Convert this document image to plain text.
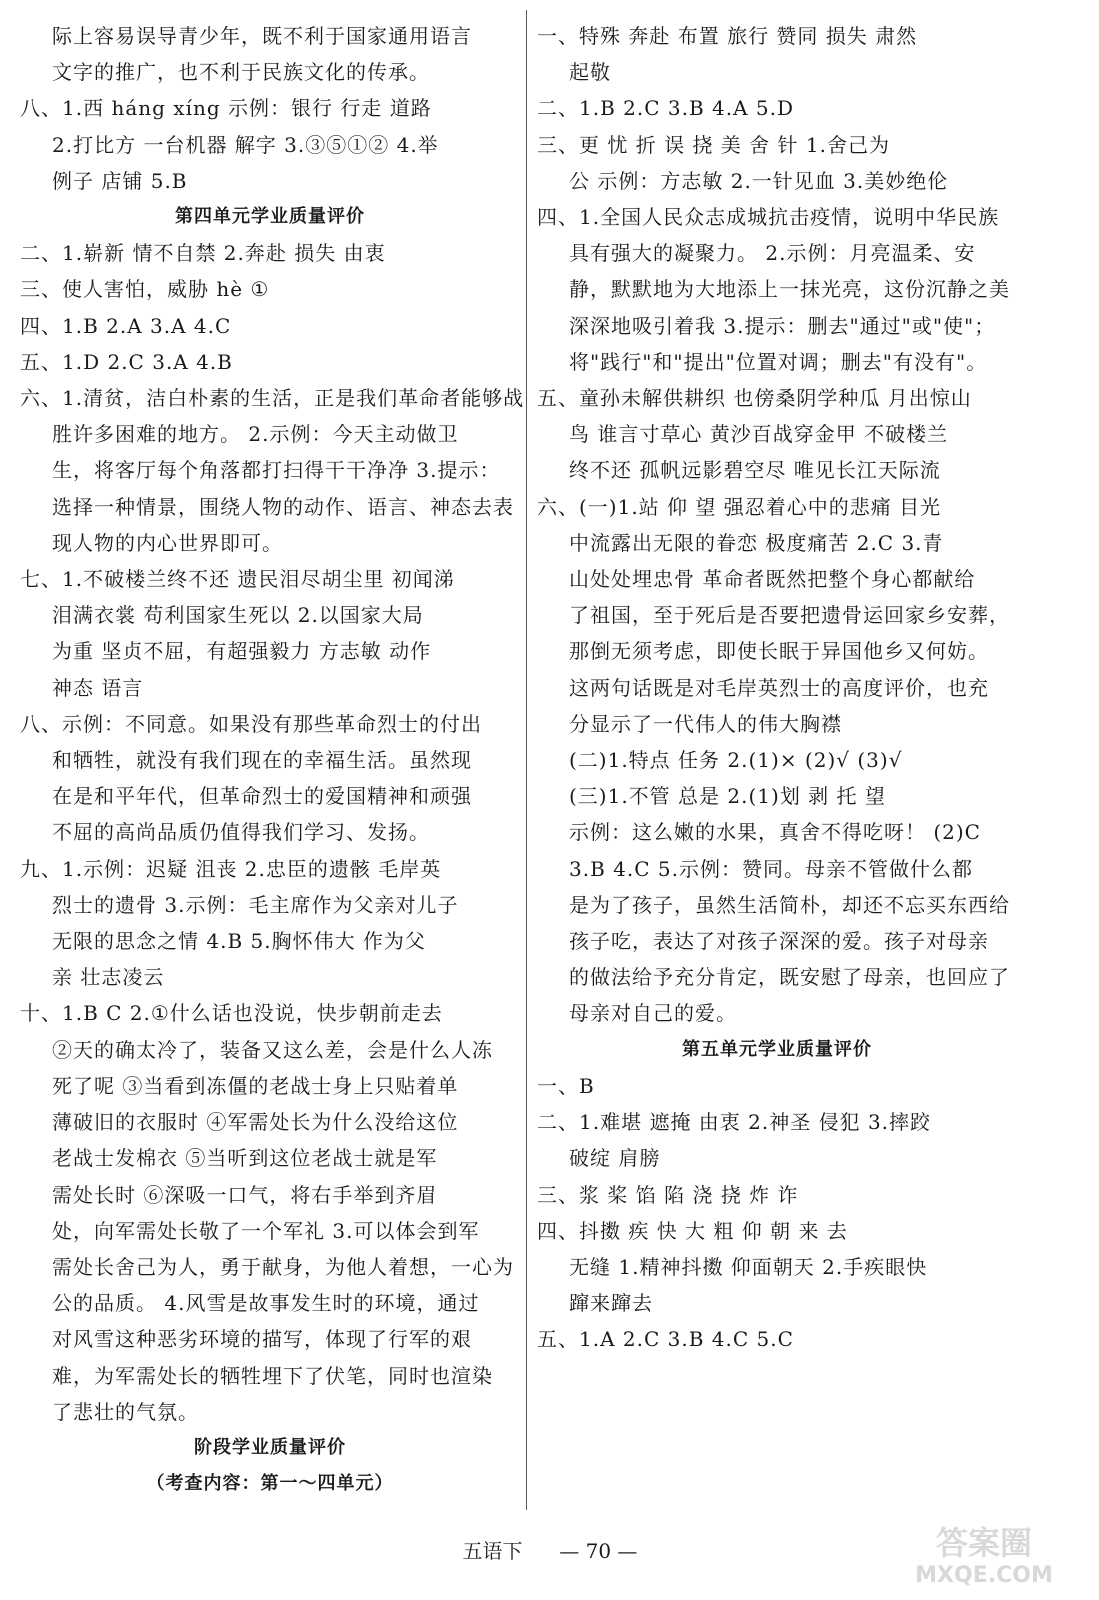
际上容易误导青少年，既不利于国家通用语言
文字的推广，也不利于民族文化的传承。
八、1.西 háng xíng 示例：银行 行走 道路
2.打比方 一台机器 解字 3.③⑤①② 4.举
例子 店铺 5.B
第四单元学业质量评价
二、1.崭新 情不自禁 2.奔赴 损失 由衷
三、使人害怕，威胁 hè ①
四、1.B 2.A 3.A 4.C
五、1.D 2.C 3.A 4.B
六、1.清贫，洁白朴素的生活，正是我们革命者能够战
胜许多困难的地方。 2.示例：今天主动做卫
生，将客厅每个角落都打扫得干干净净 3.提示：
选择一种情景，围绕人物的动作、语言、神态去表
现人物的内心世界即可。
七、1.不破楼兰终不还 遗民泪尽胡尘里 初闻涕
泪满衣裳 苟利国家生死以 2.以国家大局
为重 坚贞不屈，有超强毅力 方志敏 动作
神态 语言
八、示例：不同意。如果没有那些革命烈士的付出
和牺牲，就没有我们现在的幸福生活。虽然现
在是和平年代，但革命烈士的爱国精神和顽强
不屈的高尚品质仍值得我们学习、发扬。
九、1.示例：迟疑 沮丧 2.忠臣的遗骸 毛岸英
烈士的遗骨 3.示例：毛主席作为父亲对儿子
无限的思念之情 4.B 5.胸怀伟大 作为父
亲 壮志凌云
十、1.B C 2.①什么话也没说，快步朝前走去
②天的确太冷了，装备又这么差，会是什么人冻
死了呢 ③当看到冻僵的老战士身上只贴着单
薄破旧的衣服时 ④军需处长为什么没给这位
老战士发棉衣 ⑤当听到这位老战士就是军
需处长时 ⑥深吸一口气，将右手举到齐眉
处，向军需处长敬了一个军礼 3.可以体会到军
需处长舍己为人，勇于献身，为他人着想，一心为
公的品质。 4.风雪是故事发生时的环境，通过
对风雪这种恶劣环境的描写，体现了行军的艰
难，为军需处长的牺牲埋下了伏笔，同时也渲染
了悲壮的气氛。
阶段学业质量评价
（考查内容：第一～四单元）
一、特殊 奔赴 布置 旅行 赞同 损失 肃然
起敬
二、1.B 2.C 3.B 4.A 5.D
三、更 忧 折 误 挠 美 舍 针 1.舍己为
公 示例：方志敏 2.一针见血 3.美妙绝伦
四、1.全国人民众志成城抗击疫情，说明中华民族
具有强大的凝聚力。 2.示例：月亮温柔、安
静，默默地为大地添上一抹光亮，这份沉静之美
深深地吸引着我 3.提示：删去"通过"或"使"；
将"践行"和"提出"位置对调；删去"有没有"。
五、童孙未解供耕织 也傍桑阴学种瓜 月出惊山
鸟 谁言寸草心 黄沙百战穿金甲 不破楼兰
终不还 孤帆远影碧空尽 唯见长江天际流
六、(一)1.站 仰 望 强忍着心中的悲痛 目光
中流露出无限的眷恋 极度痛苦 2.C 3.青
山处处埋忠骨 革命者既然把整个身心都献给
了祖国，至于死后是否要把遗骨运回家乡安葬，
那倒无须考虑，即使长眠于异国他乡又何妨。
这两句话既是对毛岸英烈士的高度评价，也充
分显示了一代伟人的伟大胸襟
(二)1.特点 任务 2.(1)× (2)√ (3)√
(三)1.不管 总是 2.(1)划 剥 托 望
示例：这么嫩的水果，真舍不得吃呀！ (2)C
3.B 4.C 5.示例：赞同。母亲不管做什么都
是为了孩子，虽然生活简朴，却还不忘买东西给
孩子吃，表达了对孩子深深的爱。孩子对母亲
的做法给予充分肯定，既安慰了母亲，也回应了
母亲对自己的爱。
第五单元学业质量评价
一、B
二、1.难堪 遮掩 由衷 2.神圣 侵犯 3.摔跤
破绽 肩膀
三、浆 桨 馅 陷 浇 挠 炸 诈
四、抖擞 疾 快 大 粗 仰 朝 来 去
无缝 1.精神抖擞 仰面朝天 2.手疾眼快
蹿来蹿去
五、1.A 2.C 3.B 4.C 5.C
五语下 — 70 —	答案圈
MXQE.COM
